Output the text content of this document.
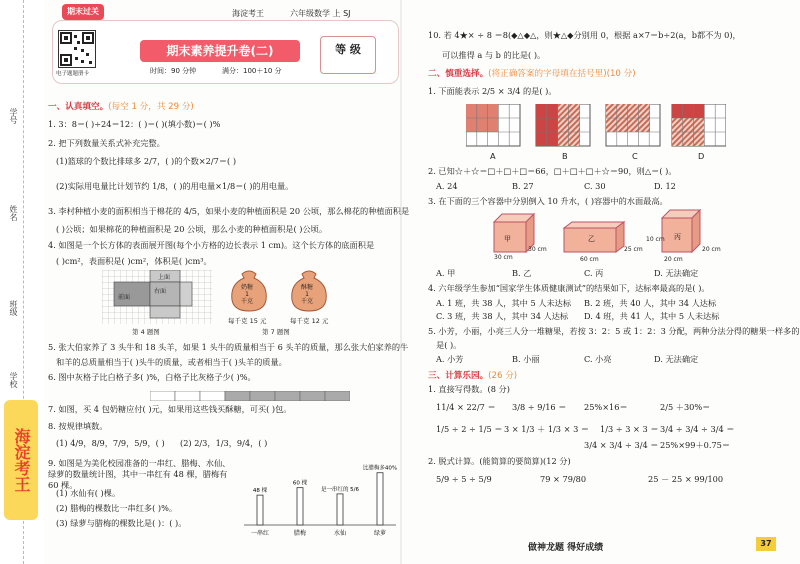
学号
姓名
班级
学校
海淀考王
期末过关	海淀考王	六年级数学 上 SJ
电子题题册卡
期末素养提升卷(二)
时间：90 分钟	满分：100＋10 分
等 级
一、认真填空。(每空 1 分，共 29 分)
1. 3：8＝( )÷24＝12：( )＝( )(填小数)＝( )%
2. 把下列数量关系式补充完整。
(1)篮球的个数比排球多 2/7，( )的个数×2/7＝( )
(2)实际用电量比计划节约 1/8，( )的用电量×1/8＝( )的用电量。
3. 李村种植小麦的面积相当于棉花的 4/5，如果小麦的种植面积是 20 公顷，那么棉花的种植面积是
( )公顷；如果棉花的种植面积是 20 公顷，那么小麦的种植面积是( )公顷。
4. 如图是一个长方体的表面展开图(每个小方格的边长表示 1 cm)。这个长方体的底面积是
( )cm²，表面积是( )cm²，体积是( )cm³。
上面
前面
右面
第 4 题图
奶糖
1
千克
酥糖
1
千克
每千克 15 元	每千克 12 元
第 7 题图
5. 张大伯家养了 3 头牛和 18 头羊，如果 1 头牛的质量相当于 6 头羊的质量，那么张大伯家养的牛
和羊的总质量相当于( )头牛的质量，或者相当于( )头羊的质量。
6. 图中灰格子比白格子多( )%，白格子比灰格子少( )%。
7. 如图，买 4 包奶糖应付( )元，如果用这些钱买酥糖，可买( )包。
8. 按规律填数。
(1) 4/9，8/9，7/9，5/9，( ) (2) 2/3，1/3，9/4，( )
9. 如图是为美化校园准备的一串红、腊梅、水仙、绿萝的数量统计图，其中一串红有 48 棵，腊梅有 60 棵。
(1) 水仙有( )棵。
(2) 腊梅的棵数比一串红多( )%。
(3) 绿萝与腊梅的棵数比是( )：( )。
48 棵
一串红
60 棵
腊梅
是一串红的 5/6
水仙
比腊梅多40%
绿萝
10. 若 4★× ÷ 8 ＝8(◆△◆△，则★△◆分别用 0，根据 a×7＝b÷2(a，b都不为 0)，
可以推得 a 与 b 的比是( )。
二、慎重选择。(将正确答案的字母填在括号里)(10 分)
1. 下面能表示 2/5 × 3/4 的是( )。
A	B	C	D
2. 已知☆＋☆＝□＋□＋□＝66，□＋□＋□＋☆＝90，则△＝( )。
A. 24	B. 27	C. 30	D. 12
3. 在下面的三个容器中分别倒入 10 升水，( )容器中的水面最高。
甲	乙	丙
30 cm
30 cm
60 cm
25 cm
10 cm
20 cm
20 cm
A. 甲	B. 乙	C. 丙	D. 无法确定
4. 六年级学生参加“国家学生体质健康测试”的结果如下，达标率最高的是( )。
A. 1 班，共 38 人，其中 5 人未达标 B. 2 班，共 40 人，其中 34 人达标
C. 3 班，共 38 人，其中 34 人达标 D. 4 班，共 41 人，其中 5 人未达标
5. 小芳，小丽，小亮三人分一堆糖果，若按 3：2：5 或 1：2：3 分配，两种分法分得的糖果一样多的
是( )。
A. 小芳	B. 小丽	C. 小亮	D. 无法确定
三、计算乐园。(26 分)
1. 直接写得数。(8 分)
11/4 × 22/7 ＝ 3/8 ÷ 9/16 ＝ 25%×16＝	2/5 ＋30%＝
1/5 ÷ 2 ÷ 1/5 ＝ 3 × 1/3 ＋ 1/3 × 3 ＝ 1/3 ÷ 3 × 3 ＝ 3/4 ÷ 3/4 ÷ 3/4 ＝
3/4 × 3/4 ÷ 3/4 ＝ 25%×99＋0.75＝
2. 脱式计算。(能简算的要简算)(12 分)
5/9 ÷ 5 ÷ 5/9	79 × 79/80	25 － 25 × 99/100
做神龙题 得好成绩	37
